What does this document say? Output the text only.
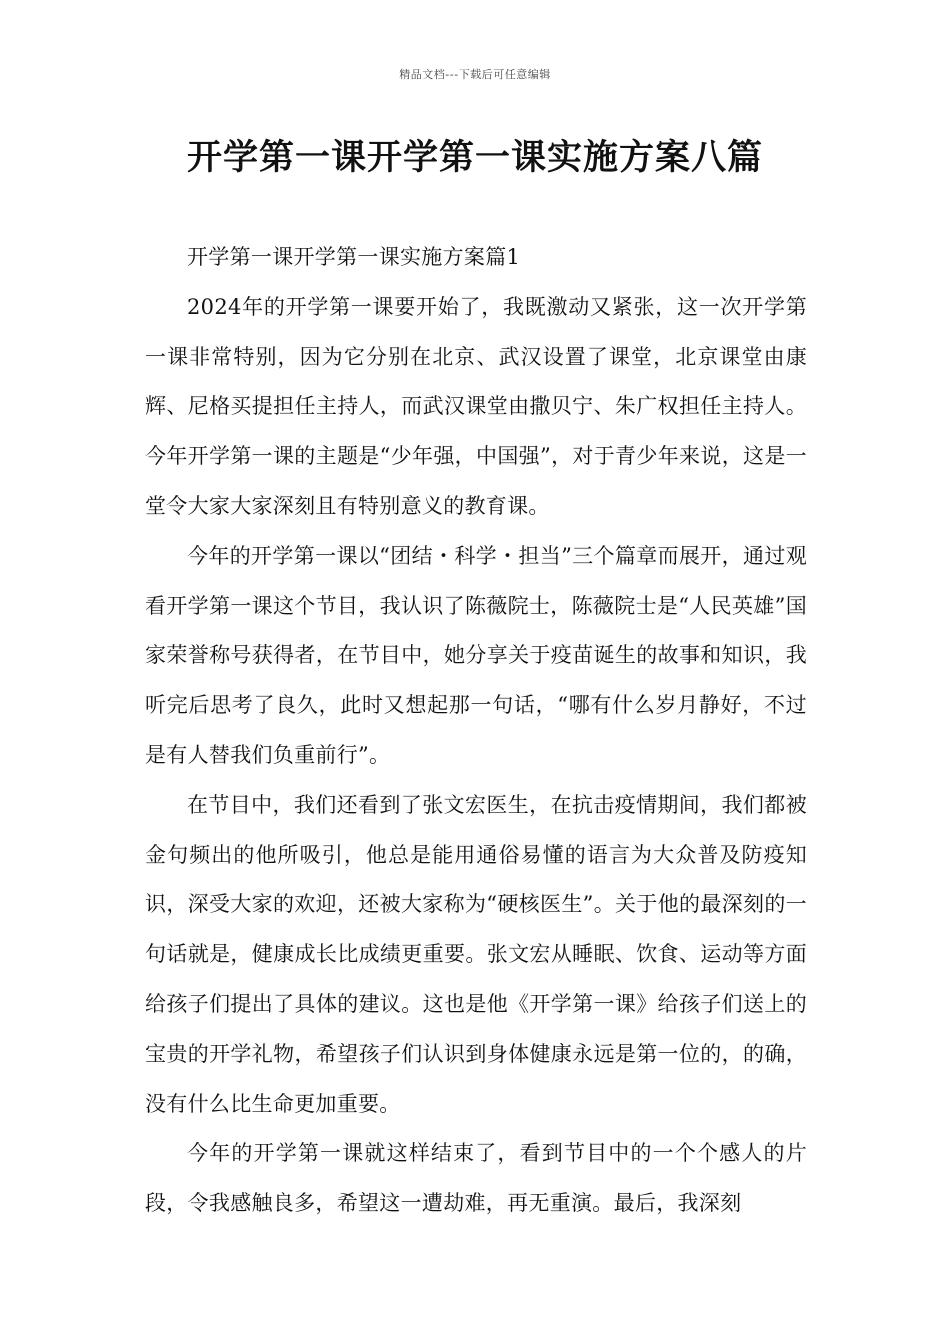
精品文档---下载后可任意编辑
开学第一课开学第一课实施方案八篇

开学第一课开学第一课实施方案篇1

2024年的开学第一课要开始了，我既激动又紧张，这一次开学第一课非常特别，因为它分别在北京、武汉设置了课堂，北京课堂由康辉、尼格买提担任主持人，而武汉课堂由撒贝宁、朱广权担任主持人。今年开学第一课的主题是“少年强，中国强”，对于青少年来说，这是一堂令大家大家深刻且有特别意义的教育课。

今年的开学第一课以“团结・科学・担当”三个篇章而展开，通过观看开学第一课这个节目，我认识了陈薇院士，陈薇院士是“人民英雄”国家荣誉称号获得者，在节目中，她分享关于疫苗诞生的故事和知识，我听完后思考了良久，此时又想起那一句话，“哪有什么岁月静好，不过是有人替我们负重前行”。

在节目中，我们还看到了张文宏医生，在抗击疫情期间，我们都被金句频出的他所吸引，他总是能用通俗易懂的语言为大众普及防疫知识，深受大家的欢迎，还被大家称为“硬核医生”。关于他的最深刻的一句话就是，健康成长比成绩更重要。张文宏从睡眠、饮食、运动等方面给孩子们提出了具体的建议。这也是他《开学第一课》给孩子们送上的宝贵的开学礼物，希望孩子们认识到身体健康永远是第一位的，的确，没有什么比生命更加重要。

今年的开学第一课就这样结束了，看到节目中的一个个感人的片段，令我感触良多，希望这一遭劫难，再无重演。最后，我深刻
